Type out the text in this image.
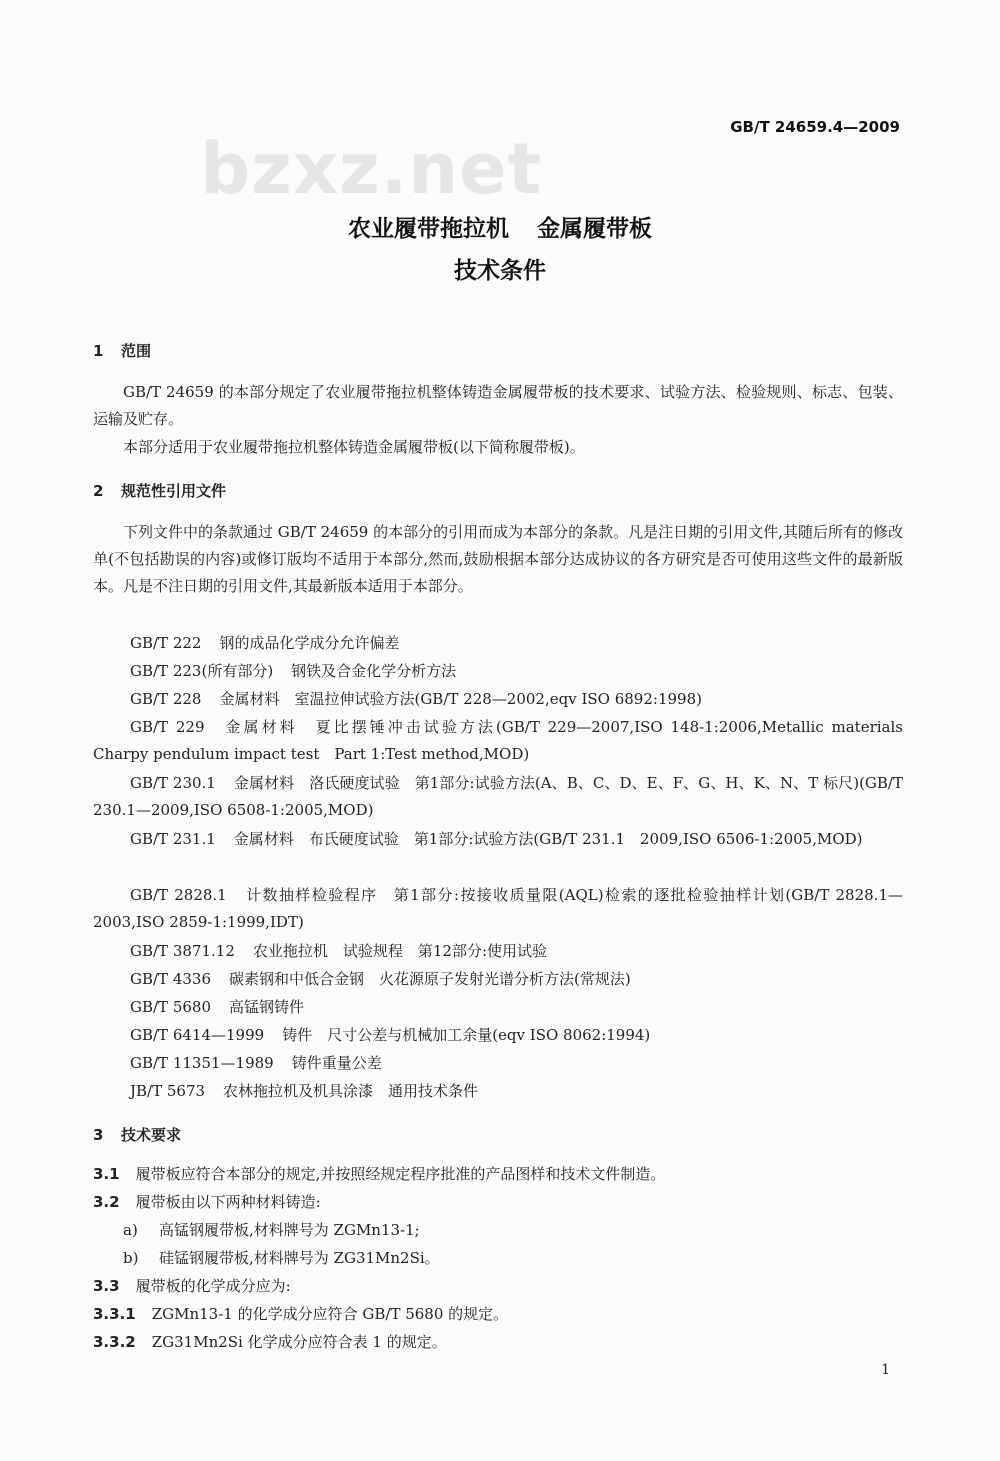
bzxz.net
GB/T 24659.4—2009
农业履带拖拉机 金属履带板
技术条件
1 范围
GB/T 24659 的本部分规定了农业履带拖拉机整体铸造金属履带板的技术要求、试验方法、检验规则、标志、包装、运输及贮存。
本部分适用于农业履带拖拉机整体铸造金属履带板(以下简称履带板)。
2 规范性引用文件
下列文件中的条款通过 GB/T 24659 的本部分的引用而成为本部分的条款。凡是注日期的引用文件,其随后所有的修改单(不包括勘误的内容)或修订版均不适用于本部分,然而,鼓励根据本部分达成协议的各方研究是否可使用这些文件的最新版本。凡是不注日期的引用文件,其最新版本适用于本部分。
GB/T 222 钢的成品化学成分允许偏差
GB/T 223(所有部分) 钢铁及合金化学分析方法
GB/T 228 金属材料　室温拉伸试验方法(GB/T 228—2002,eqv ISO 6892:1998)
GB/T 229 金属材料　夏比摆锤冲击试验方法(GB/T 229—2007,ISO 148-1:2006,Metallic materials　Charpy pendulum impact test　Part 1:Test method,MOD)
GB/T 230.1 金属材料　洛氏硬度试验　第1部分:试验方法(A、B、C、D、E、F、G、H、K、N、T 标尺)(GB/T 230.1—2009,ISO 6508-1:2005,MOD)
GB/T 231.1 金属材料　布氏硬度试验　第1部分:试验方法(GB/T 231.1　2009,ISO 6506-1:2005,MOD)
GB/T 2828.1 计数抽样检验程序　第1部分:按接收质量限(AQL)检索的逐批检验抽样计划(GB/T 2828.1—2003,ISO 2859-1:1999,IDT)
GB/T 3871.12 农业拖拉机　试验规程　第12部分:使用试验
GB/T 4336 碳素钢和中低合金钢　火花源原子发射光谱分析方法(常规法)
GB/T 5680 高锰钢铸件
GB/T 6414—1999 铸件　尺寸公差与机械加工余量(eqv ISO 8062:1994)
GB/T 11351—1989 铸件重量公差
JB/T 5673 农林拖拉机及机具涂漆　通用技术条件
3 技术要求
3.1 履带板应符合本部分的规定,并按照经规定程序批准的产品图样和技术文件制造。
3.2 履带板由以下两种材料铸造:
a) 高锰钢履带板,材料牌号为 ZGMn13-1;
b) 硅锰钢履带板,材料牌号为 ZG31Mn2Si。
3.3 履带板的化学成分应为:
3.3.1 ZGMn13-1 的化学成分应符合 GB/T 5680 的规定。
3.3.2 ZG31Mn2Si 化学成分应符合表 1 的规定。
1
